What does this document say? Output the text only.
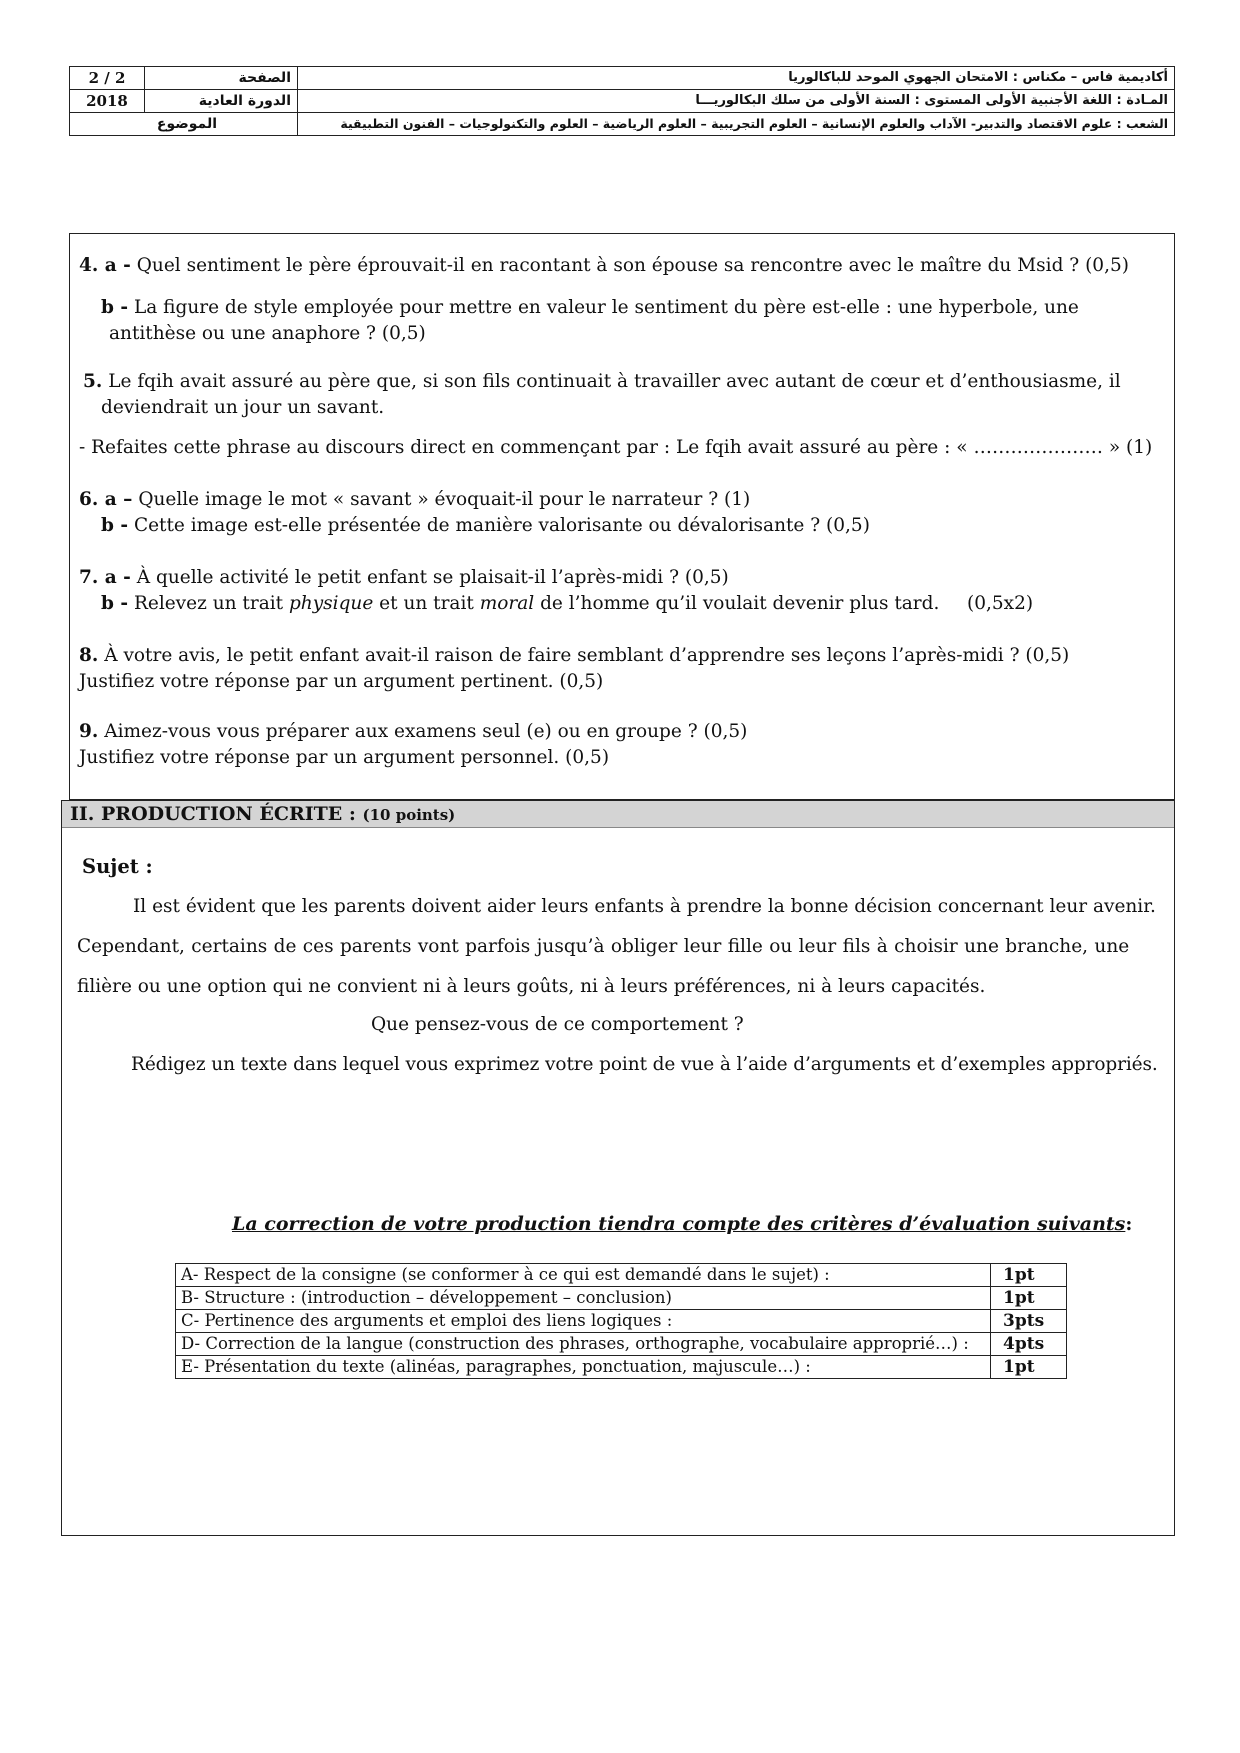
2 / 2	الصفحة	أكاديمية فاس – مكناس : الامتحان الجهوي الموحد للباكالوريا
2018	الدورة العادية	المـادة : اللغة الأجنبية الأولى المستوى : السنة الأولى من سلك البكالوريـــا
الموضوع		الشعب : علوم الاقتصاد والتدبير- الآداب والعلوم الإنسانية – العلوم التجريبية – العلوم الرياضية – العلوم والتكنولوجيات – الفنون التطبيقية
4. a - Quel sentiment le père éprouvait-il en racontant à son épouse sa rencontre avec le maître du Msid ? (0,5)
b - La figure de style employée pour mettre en valeur le sentiment du père est-elle : une hyperbole, une
antithèse ou une anaphore ? (0,5)
5. Le fqih avait assuré au père que, si son fils continuait à travailler avec autant de cœur et d’enthousiasme, il
deviendrait un jour un savant.
- Refaites cette phrase au discours direct en commençant par : Le fqih avait assuré au père : « ………………… » (1)
6. a – Quelle image le mot « savant » évoquait-il pour le narrateur ? (1)
b - Cette image est-elle présentée de manière valorisante ou dévalorisante ? (0,5)
7. a - À quelle activité le petit enfant se plaisait-il l’après-midi ? (0,5)
b - Relevez un trait physique et un trait moral de l’homme qu’il voulait devenir plus tard. (0,5x2)
8. À votre avis, le petit enfant avait-il raison de faire semblant d’apprendre ses leçons l’après-midi ? (0,5)
Justifiez votre réponse par un argument pertinent. (0,5)
9. Aimez-vous vous préparer aux examens seul (e) ou en groupe ? (0,5)
Justifiez votre réponse par un argument personnel. (0,5)
II. PRODUCTION ÉCRITE : (10 points)
Sujet :
Il est évident que les parents doivent aider leurs enfants à prendre la bonne décision concernant leur avenir.
Cependant, certains de ces parents vont parfois jusqu’à obliger leur fille ou leur fils à choisir une branche, une
filière ou une option qui ne convient ni à leurs goûts, ni à leurs préférences, ni à leurs capacités.
Que pensez-vous de ce comportement ?
Rédigez un texte dans lequel vous exprimez votre point de vue à l’aide d’arguments et d’exemples appropriés.
La correction de votre production tiendra compte des critères d’évaluation suivants:
A- Respect de la consigne (se conformer à ce qui est demandé dans le sujet) :	1pt
B- Structure : (introduction – développement – conclusion)	1pt
C- Pertinence des arguments et emploi des liens logiques :	3pts
D- Correction de la langue (construction des phrases, orthographe, vocabulaire approprié…) :	4pts
E- Présentation du texte (alinéas, paragraphes, ponctuation, majuscule…) :	1pt
